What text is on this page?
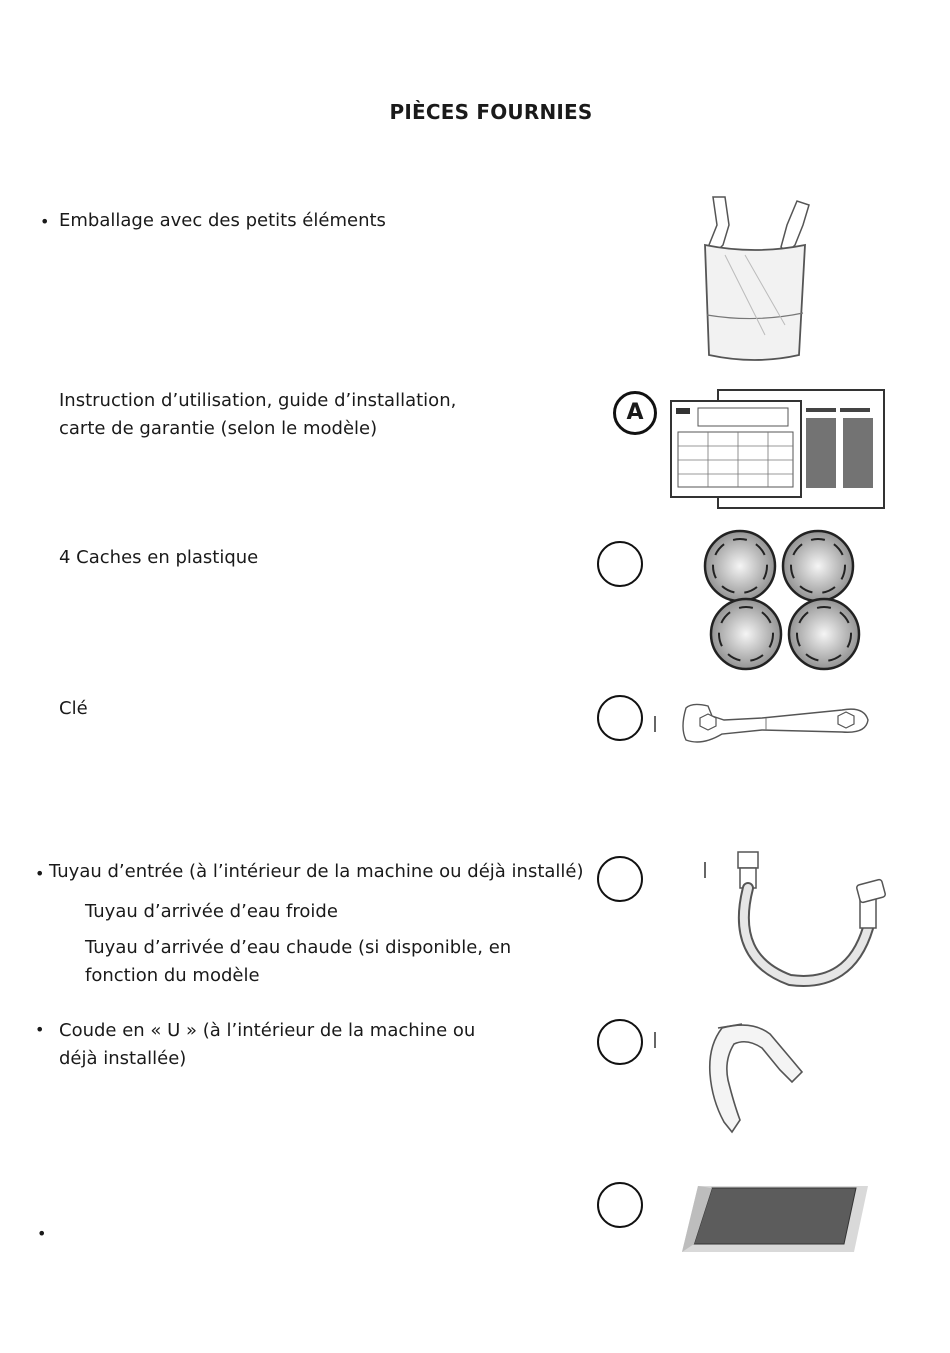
PIÈCES FOURNIES
• Emballage avec des petits éléments
Instruction d’utilisation, guide d’installation, carte de garantie (selon le modèle)
A
4 Caches en plastique
Clé
• Tuyau d’entrée (à l’intérieur de la machine ou déjà installé)
Tuyau d’arrivée d’eau froide
Tuyau d’arrivée d’eau chaude (si disponible, en fonction du modèle
• Coude en « U » (à l’intérieur de la machine ou déjà installée)
•
